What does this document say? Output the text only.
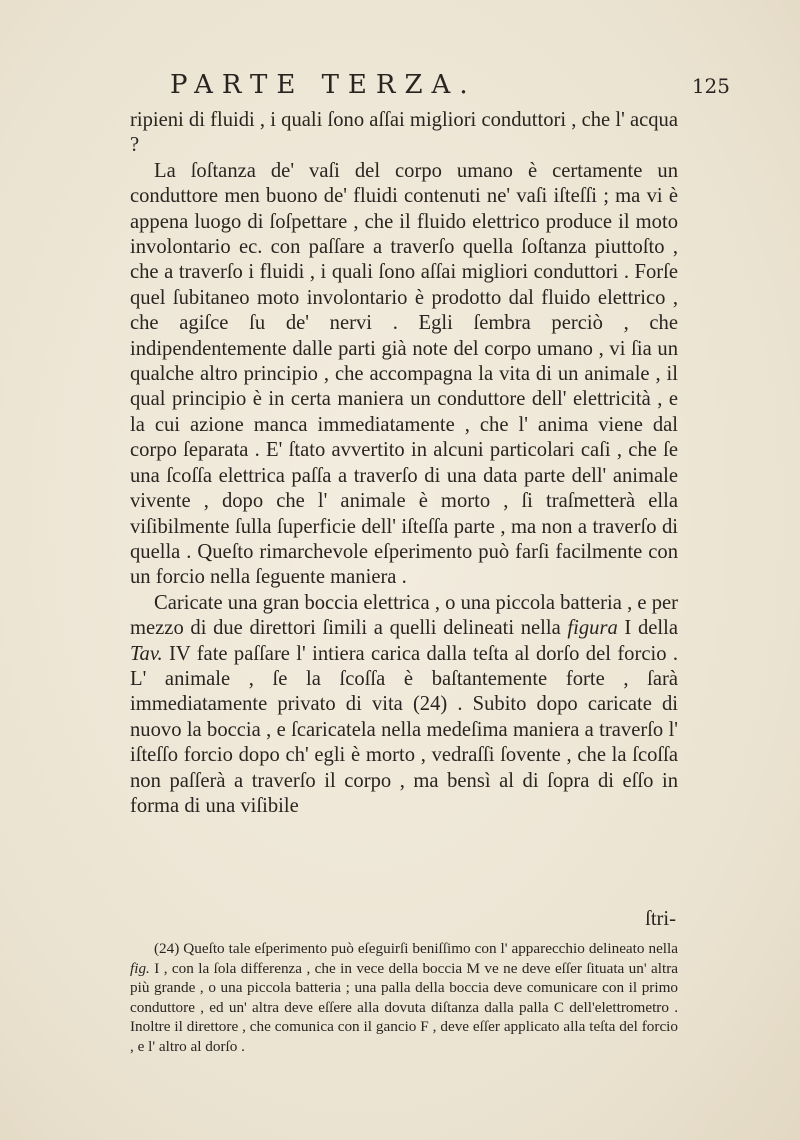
PARTE TERZA.	125

ripieni di fluidi , i quali ſono aſſai migliori conduttori , che l' acqua ?

La ſoſtanza de' vaſi del corpo umano è certamente un conduttore men buono de' fluidi contenuti ne' vaſi iſteſſi ; ma vi è appena luogo di ſoſpettare , che il fluido elettrico produce il moto involontario ec. con paſſare a traverſo quella ſoſtanza piuttoſto , che a traverſo i fluidi , i quali ſono aſſai migliori conduttori . Forſe quel ſubitaneo moto involontario è prodotto dal fluido elettrico , che agiſce ſu de' nervi . Egli ſembra perciò , che indipendentemente dalle parti già note del corpo umano , vi ſia un qualche altro principio , che accompagna la vita di un animale , il qual principio è in certa maniera un conduttore dell' elettricità , e la cui azione manca immediatamente , che l' anima viene dal corpo ſeparata . E' ſtato avvertito in alcuni particolari caſi , che ſe una ſcoſſa elettrica paſſa a traverſo di una data parte dell' animale vivente , dopo che l' animale è morto , ſi traſmetterà ella viſibilmente ſulla ſuperficie dell' iſteſſa parte , ma non a traverſo di quella . Queſto rimarchevole eſperimento può farſi facilmente con un forcio nella ſeguente maniera .

Caricate una gran boccia elettrica , o una piccola batteria , e per mezzo di due direttori ſimili a quelli delineati nella figura I della Tav. IV fate paſſare l' intiera carica dalla teſta al dorſo del forcio . L' animale , ſe la ſcoſſa è baſtantemente forte , ſarà immediatamente privato di vita (24) . Subito dopo caricate di nuovo la boccia , e ſcaricatela nella medeſima maniera a traverſo l' iſteſſo forcio dopo ch' egli è morto , vedraſſi ſovente , che la ſcoſſa non paſſerà a traverſo il corpo , ma bensì al di ſopra di eſſo in forma di una viſibile

ſtri-

(24) Queſto tale eſperimento può eſeguirſi beniſſimo con l' apparecchio delineato nella fig. I , con la ſola differenza , che in vece della boccia M ve ne deve eſſer ſituata un' altra più grande , o una piccola batteria ; una palla della boccia deve comunicare con il primo conduttore , ed un' altra deve eſſere alla dovuta diſtanza dalla palla C dell'elettrometro . Inoltre il direttore , che comunica con il gancio F , deve eſſer applicato alla teſta del forcio , e l' altro al dorſo .
